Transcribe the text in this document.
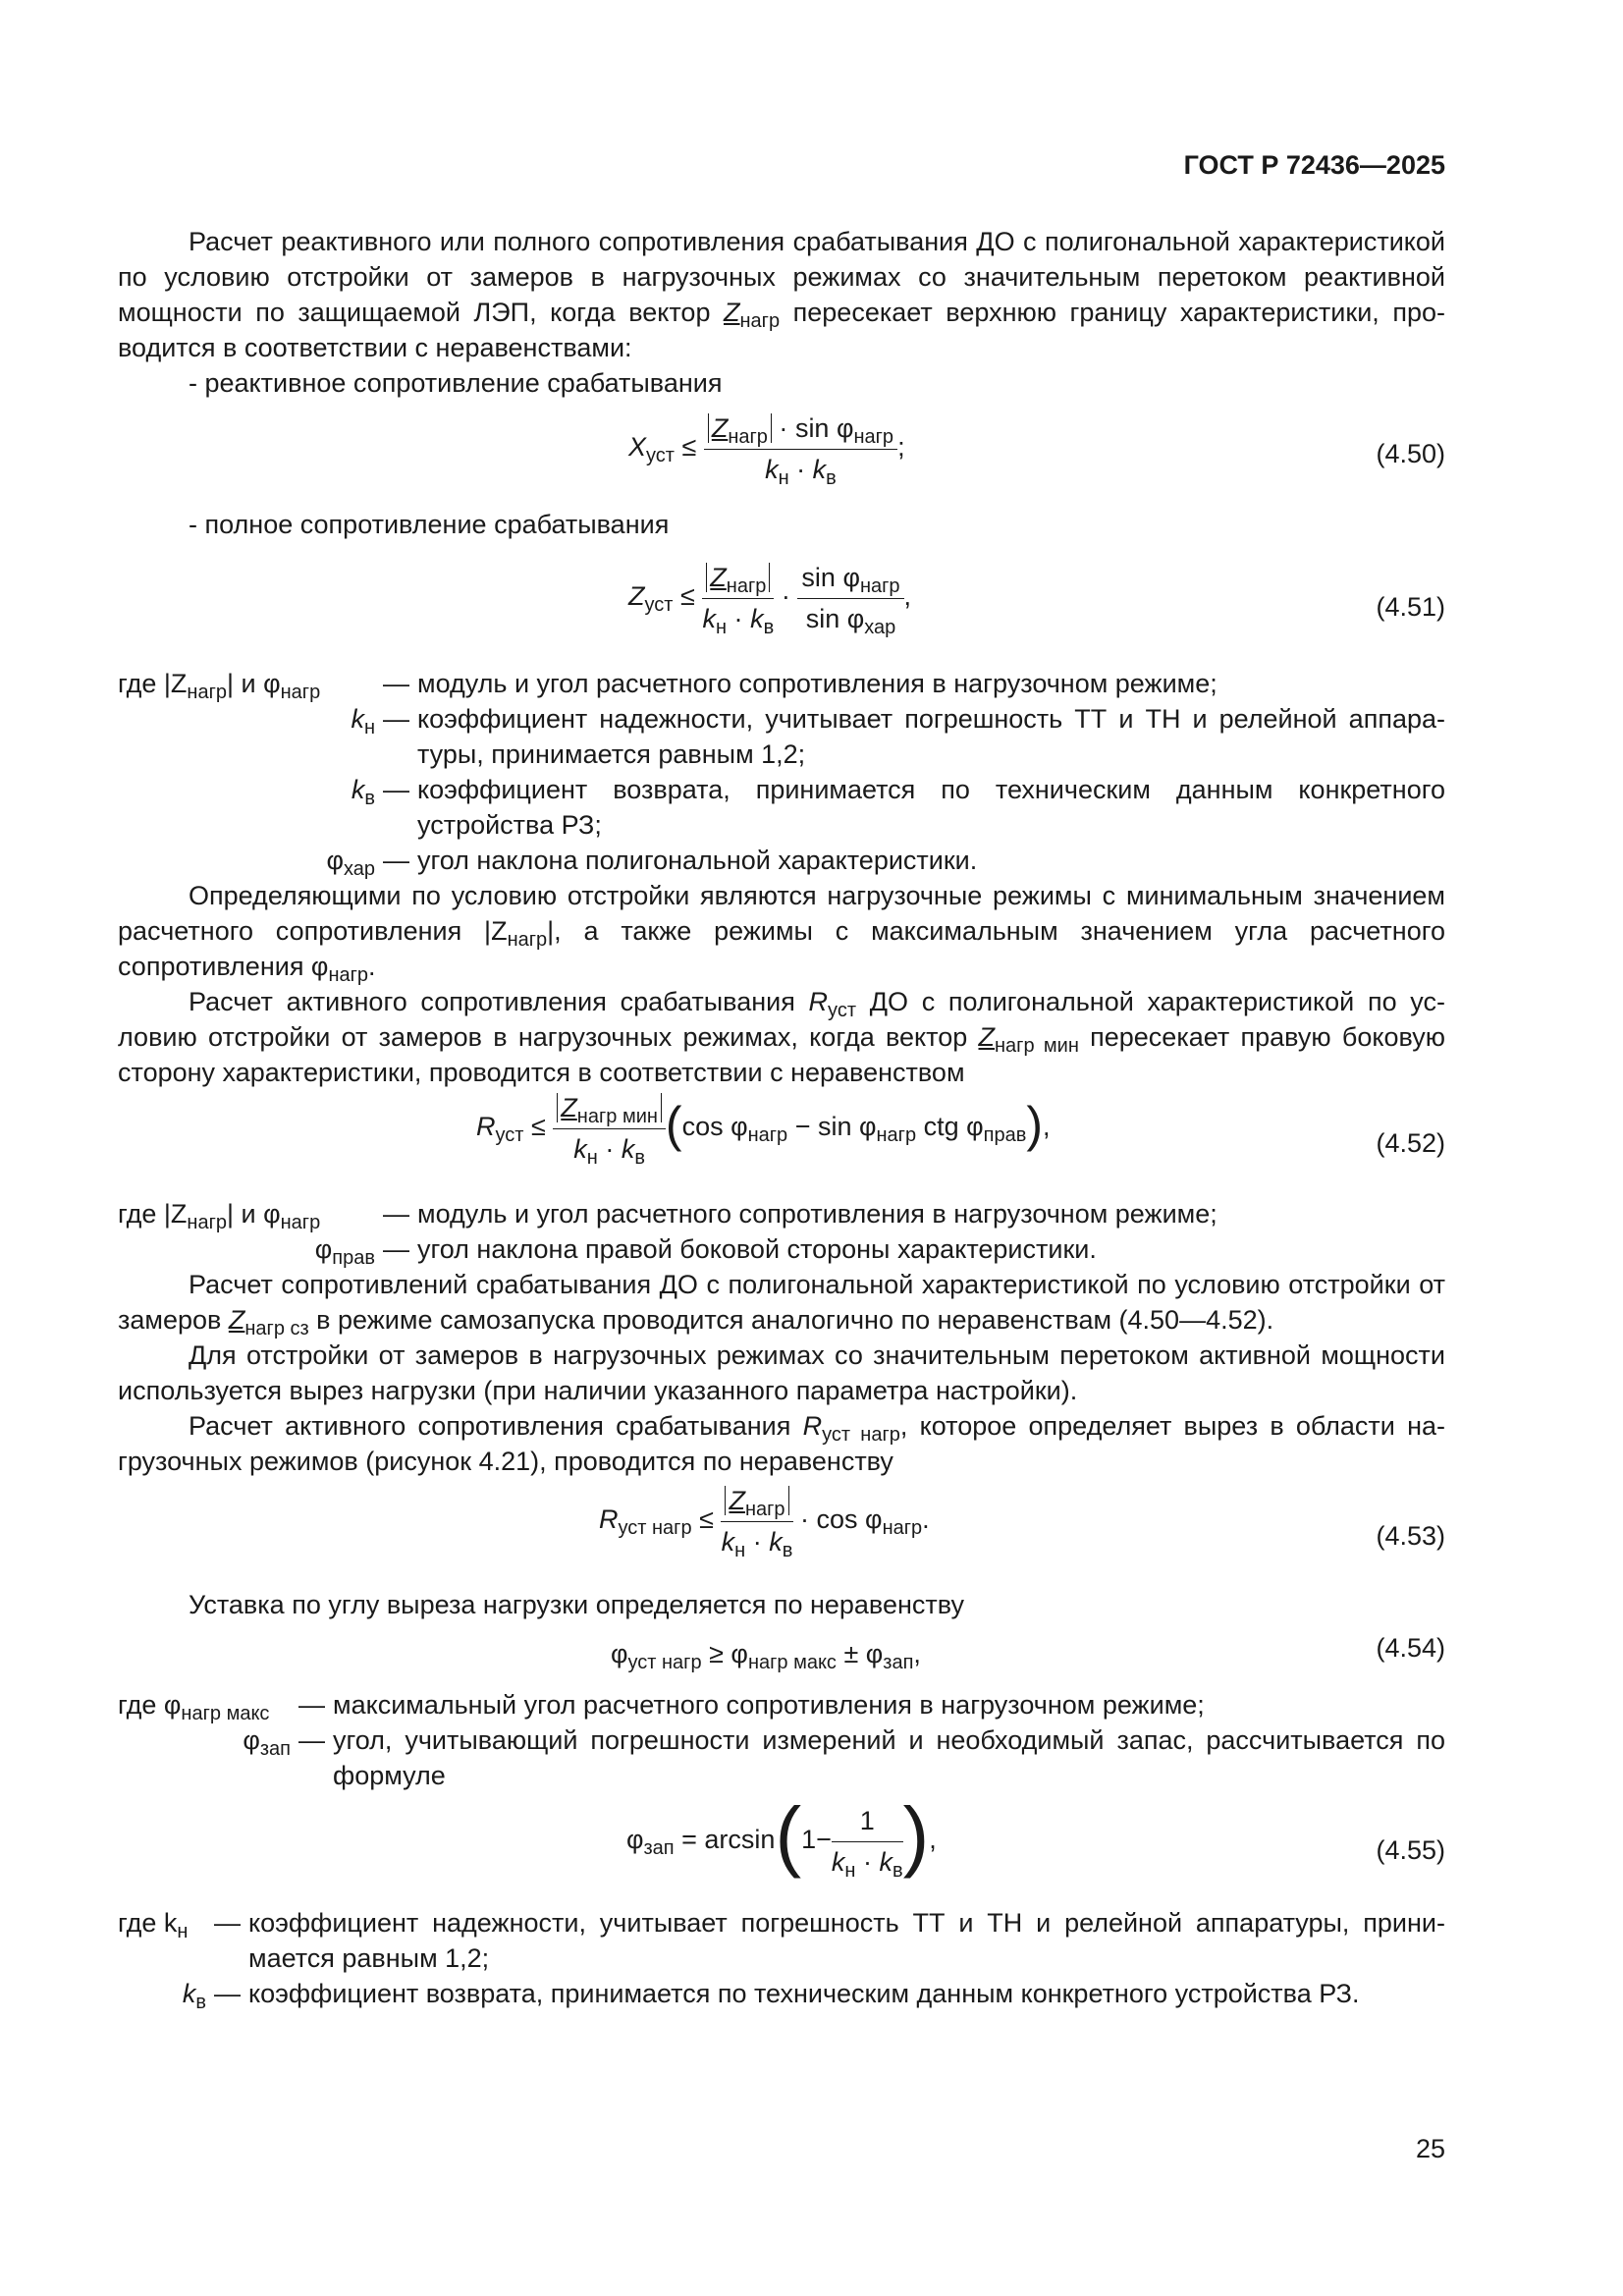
ГОСТ Р 72436—2025

Расчет реактивного или полного сопротивления срабатывания ДО с полигональной характеристикой по условию отстройки от замеров в нагрузочных режимах со значительным перетоком реактивной мощности по защищаемой ЛЭП, когда вектор $Z_{нагр}$ пересекает верхнюю границу характеристики, проводится в соответствии с неравенствами:

- реактивное сопротивление срабатывания

$X_{уст} \le \frac{Z_{нагр} \cdot \sin \varphi_{нагр}}{k_н \cdot k_в}$ ;	(4.50)

- полное сопротивление срабатывания

$Z_{уст} \le \frac{Z_{нагр}}{k_н \cdot k_в} \cdot \frac{\sin \varphi_{нагр}}{\sin \varphi_{хар}}$ ,	(4.51)
где $|Z_{нагр}|$ и $\varphi_{нагр}$	— модуль и угол расчетного сопротивления в нагрузочном режиме;
$k_н$ — коэффициент надежности, учитывает погрешность ТТ и ТН и релейной аппаратуры, принимается равным 1,2;
$k_в$ — коэффициент возврата, принимается по техническим данным конкретного устройства РЗ;
$\varphi_{хар}$ — угол наклона полигональной характеристики.

Определяющими по условию отстройки являются нагрузочные режимы с минимальным значением расчетного сопротивления $|Z_{нагр}|$, а также режимы с максимальным значением угла расчетного сопротивления $\varphi_{нагр}$.

Расчет активного сопротивления срабатывания $R_{уст}$ ДО с полигональной характеристикой по условию отстройки от замеров в нагрузочных режимах, когда вектор $Z_{нагр мин}$ пересекает правую боковую сторону характеристики, проводится в соответствии с неравенством

$R_{уст} \le \frac{Z_{нагр мин}}{k_н \cdot k_в} (\cos$ $\varphi_{нагр} - \sin \varphi_{нагр}$ ctg $\varphi_{прав}$),
(4.52)
где $|Z_{нагр}|$ и $\varphi_{нагр}$	— модуль и угол расчетного сопротивления в нагрузочном режиме;
$\varphi_{прав}$ — угол наклона правой боковой стороны характеристики.

Расчет сопротивлений срабатывания ДО с полигональной характеристикой по условию отстройки от замеров $Z_{нагр сз}$ в режиме самозапуска проводится аналогично по неравенствам (4.50—4.52).

Для отстройки от замеров в нагрузочных режимах со значительным перетоком активной мощности используется вырез нагрузки (при наличии указанного параметра настройки).

Расчет активного сопротивления срабатывания $R_{уст нагр}$, которое определяет вырез в области нагрузочных режимов (рисунок 4.21), проводится по неравенству

$R_{уст нагр} \le \frac{Z_{нагр}}{k_н \cdot k_в} \cdot \cos \varphi_{нагр}$.
(4.53)

Уставка по углу выреза нагрузки определяется по неравенству

$\varphi_{уст нагр} \ge \varphi_{нагр макс} \pm \varphi_{зап}$,	(4.54)
где $\varphi_{нагр макс}$	— максимальный угол расчетного сопротивления в нагрузочном режиме;
$\varphi_{зап}$ — угол, учитывающий погрешности измерений и необходимый запас, рассчитывается по формуле
$\varphi_{зап} = \arcsin(1- \frac{1}{k_н \cdot k_в}$ ),	(4.55)
где $k_н$ — коэффициент надежности, учитывает погрешность ТТ и ТН и релейной аппаратуры, принимается равным 1,2;
$k_в$ — коэффициент возврата, принимается по техническим данным конкретного устройства РЗ.
25
